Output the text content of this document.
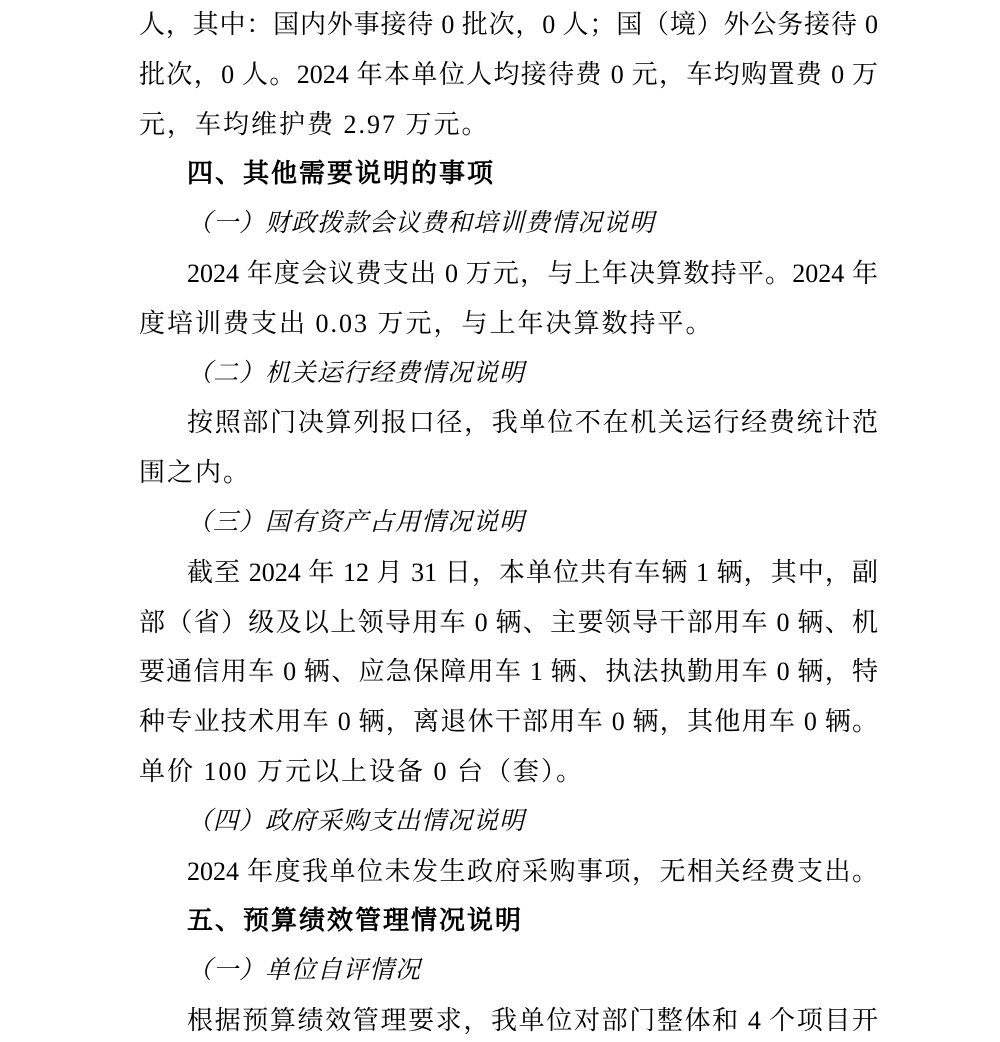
人，其中：国内外事接待 0 批次，0 人；国（境）外公务接待 0
批次，0 人。2024 年本单位人均接待费 0 元，车均购置费 0 万
元，车均维护费 2.97 万元。
四、其他需要说明的事项
（一）财政拨款会议费和培训费情况说明
2024 年度会议费支出 0 万元，与上年决算数持平。2024 年
度培训费支出 0.03 万元，与上年决算数持平。
（二）机关运行经费情况说明
按照部门决算列报口径，我单位不在机关运行经费统计范
围之内。
（三）国有资产占用情况说明
截至 2024 年 12 月 31 日，本单位共有车辆 1 辆，其中，副
部（省）级及以上领导用车 0 辆、主要领导干部用车 0 辆、机
要通信用车 0 辆、应急保障用车 1 辆、执法执勤用车 0 辆，特
种专业技术用车 0 辆，离退休干部用车 0 辆，其他用车 0 辆。
单价 100 万元以上设备 0 台（套）。
（四）政府采购支出情况说明
2024 年度我单位未发生政府采购事项，无相关经费支出。
五、预算绩效管理情况说明
（一）单位自评情况
根据预算绩效管理要求，我单位对部门整体和 4 个项目开
